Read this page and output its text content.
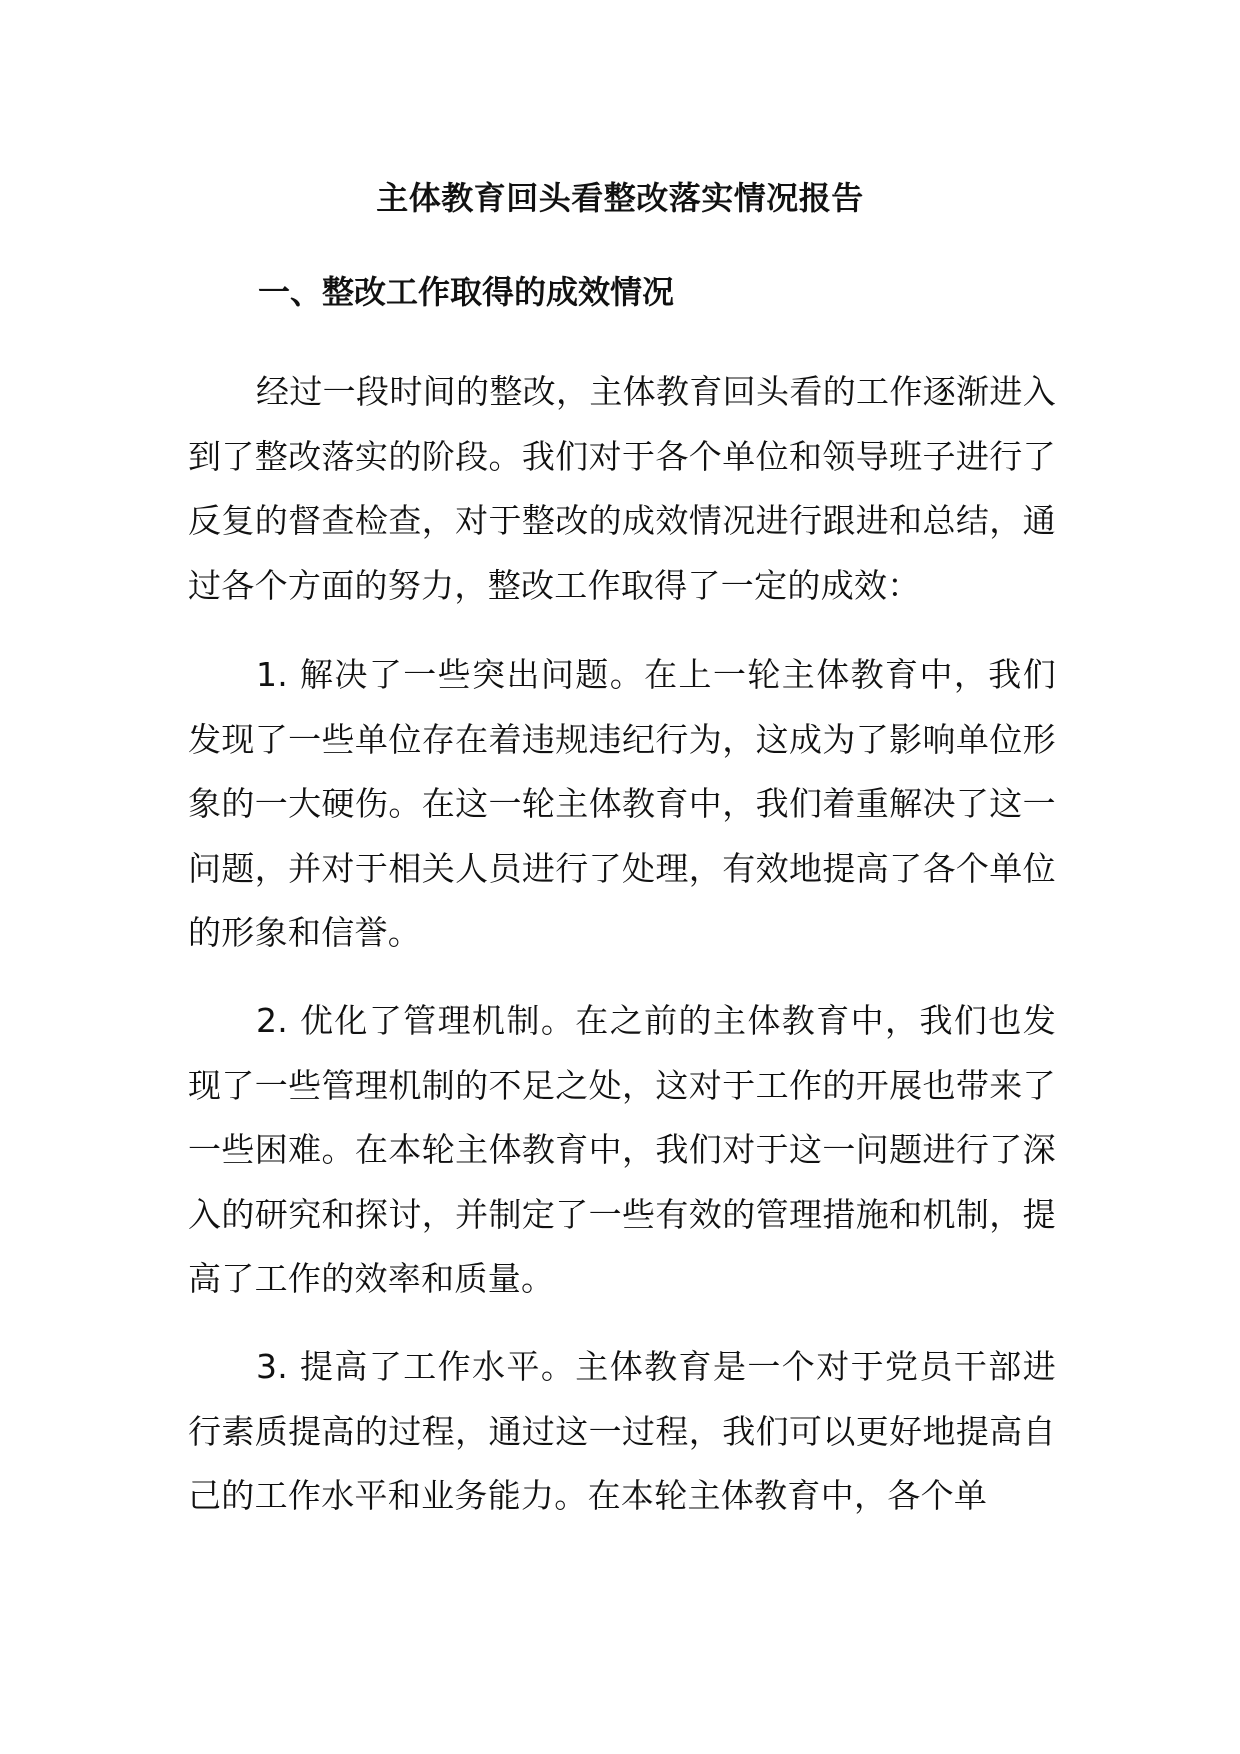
主体教育回头看整改落实情况报告
一、整改工作取得的成效情况
经过一段时间的整改，主体教育回头看的工作逐渐进入到了整改落实的阶段。我们对于各个单位和领导班子进行了反复的督查检查，对于整改的成效情况进行跟进和总结，通过各个方面的努力，整改工作取得了一定的成效：
1. 解决了一些突出问题。在上一轮主体教育中，我们发现了一些单位存在着违规违纪行为，这成为了影响单位形象的一大硬伤。在这一轮主体教育中，我们着重解决了这一问题，并对于相关人员进行了处理，有效地提高了各个单位的形象和信誉。
2. 优化了管理机制。在之前的主体教育中，我们也发现了一些管理机制的不足之处，这对于工作的开展也带来了一些困难。在本轮主体教育中，我们对于这一问题进行了深入的研究和探讨，并制定了一些有效的管理措施和机制，提高了工作的效率和质量。
3. 提高了工作水平。主体教育是一个对于党员干部进行素质提高的过程，通过这一过程，我们可以更好地提高自己的工作水平和业务能力。在本轮主体教育中，各个单
